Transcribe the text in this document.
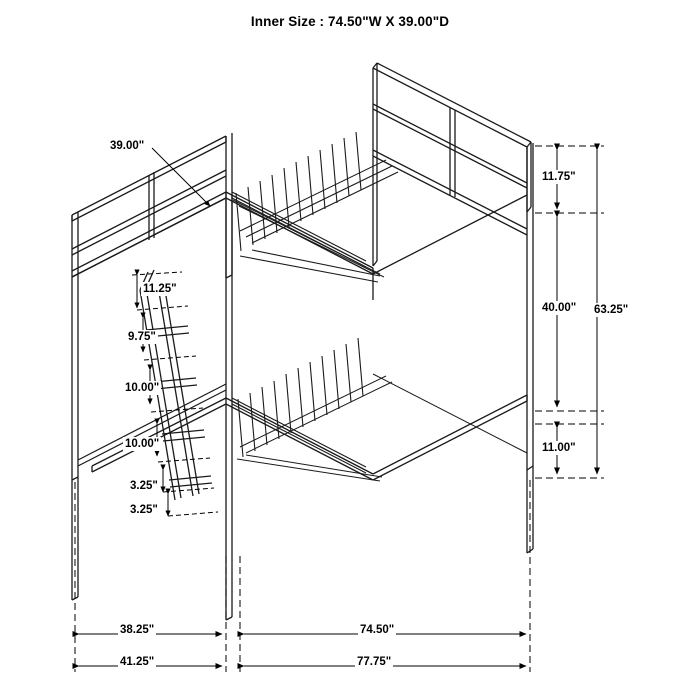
Inner Size : 74.50"W X 39.00"D
39.00"
11.75"
40.00" 63.25"
11.00"
11.25"
9.75"
10.00"
10.00"
3.25"
3.25"
38.25"	74.50"
41.25"	77.75"
